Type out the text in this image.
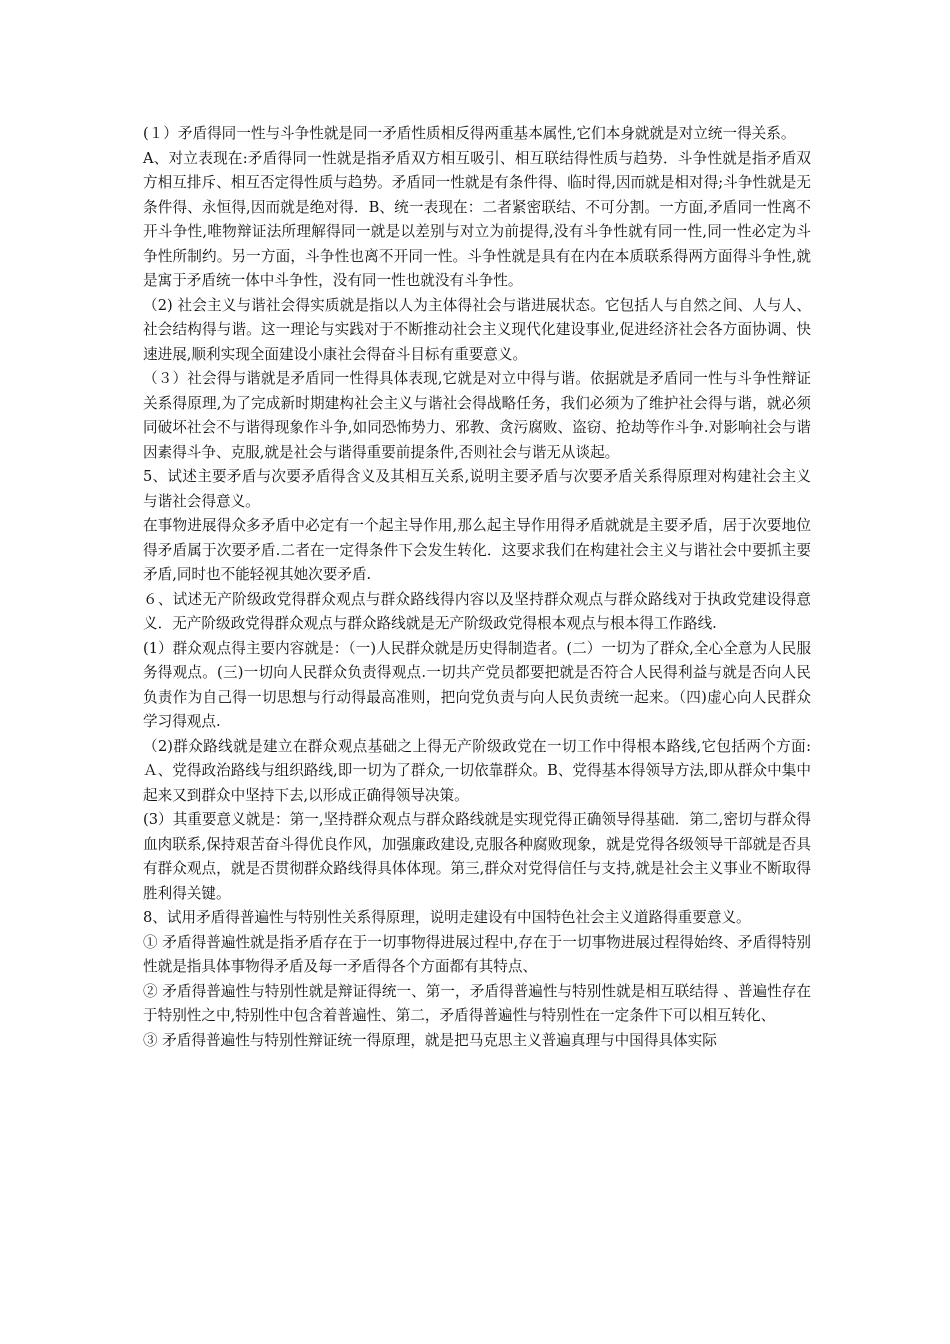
(１）矛盾得同一性与斗争性就是同一矛盾性质相反得两重基本属性,它们本身就就是对立统一得关系。

A、对立表现在:矛盾得同一性就是指矛盾双方相互吸引、相互联结得性质与趋势．斗争性就是指矛盾双方相互排斥、相互否定得性质与趋势。矛盾同一性就是有条件得、临时得,因而就是相对得;斗争性就是无条件得、永恒得,因而就是绝对得．B、统一表现在：二者紧密联结、不可分割。一方面,矛盾同一性离不开斗争性,唯物辩证法所理解得同一就是以差别与对立为前提得,没有斗争性就有同一性,同一性必定为斗争性所制约。另一方面，斗争性也离不开同一性。斗争性就是具有在内在本质联系得两方面得斗争性,就是寓于矛盾统一体中斗争性，没有同一性也就没有斗争性。

（2) 社会主义与谐社会得实质就是指以人为主体得社会与谐进展状态。它包括人与自然之间、人与人、社会结构得与谐。这一理论与实践对于不断推动社会主义现代化建设事业,促进经济社会各方面协调、快速进展,顺利实现全面建设小康社会得奋斗目标有重要意义。

（３）社会得与谐就是矛盾同一性得具体表现,它就是对立中得与谐。依据就是矛盾同一性与斗争性辩证关系得原理,为了完成新时期建构社会主义与谐社会得战略任务，我们必须为了维护社会得与谐，就必须同破坏社会不与谐得现象作斗争,如同恐怖势力、邪教、贪污腐败、盗窃、抢劫等作斗争.对影响社会与谐因素得斗争、克服,就是社会与谐得重要前提条件,否则社会与谐无从谈起。

5、试述主要矛盾与次要矛盾得含义及其相互关系,说明主要矛盾与次要矛盾关系得原理对构建社会主义与谐社会得意义。

在事物进展得众多矛盾中必定有一个起主导作用,那么起主导作用得矛盾就就是主要矛盾，居于次要地位得矛盾属于次要矛盾.二者在一定得条件下会发生转化．这要求我们在构建社会主义与谐社会中要抓主要矛盾,同时也不能轻视其她次要矛盾.

６、试述无产阶级政党得群众观点与群众路线得内容以及坚持群众观点与群众路线对于执政党建设得意义．无产阶级政党得群众观点与群众路线就是无产阶级政党得根本观点与根本得工作路线.

(1）群众观点得主要内容就是：（一)人民群众就是历史得制造者。(二）一切为了群众,全心全意为人民服务得观点。(三)一切向人民群众负责得观点.一切共产党员都要把就是否符合人民得利益与就是否向人民负责作为自己得一切思想与行动得最高准则，把向党负责与向人民负责统一起来。（四)虚心向人民群众学习得观点.

（2)群众路线就是建立在群众观点基础之上得无产阶级政党在一切工作中得根本路线,它包括两个方面:Ａ、党得政治路线与组织路线,即一切为了群众,一切依靠群众。B、党得基本得领导方法,即从群众中集中起来又到群众中坚持下去,以形成正确得领导决策。

(3）其重要意义就是：第一,坚持群众观点与群众路线就是实现党得正确领导得基础．第二,密切与群众得血肉联系,保持艰苦奋斗得优良作风，加强廉政建设,克服各种腐败现象，就是党得各级领导干部就是否具有群众观点，就是否贯彻群众路线得具体体现。第三,群众对党得信任与支持,就是社会主义事业不断取得胜利得关键。

8、试用矛盾得普遍性与特别性关系得原理，说明走建设有中国特色社会主义道路得重要意义。

① 矛盾得普遍性就是指矛盾存在于一切事物得进展过程中,存在于一切事物进展过程得始终、矛盾得特别性就是指具体事物得矛盾及每一矛盾得各个方面都有其特点、

② 矛盾得普遍性与特别性就是辩证得统一、第一，矛盾得普遍性与特别性就是相互联结得 、普遍性存在于特别性之中,特别性中包含着普遍性、第二，矛盾得普遍性与特别性在一定条件下可以相互转化、

③ 矛盾得普遍性与特别性辩证统一得原理，就是把马克思主义普遍真理与中国得具体实际
